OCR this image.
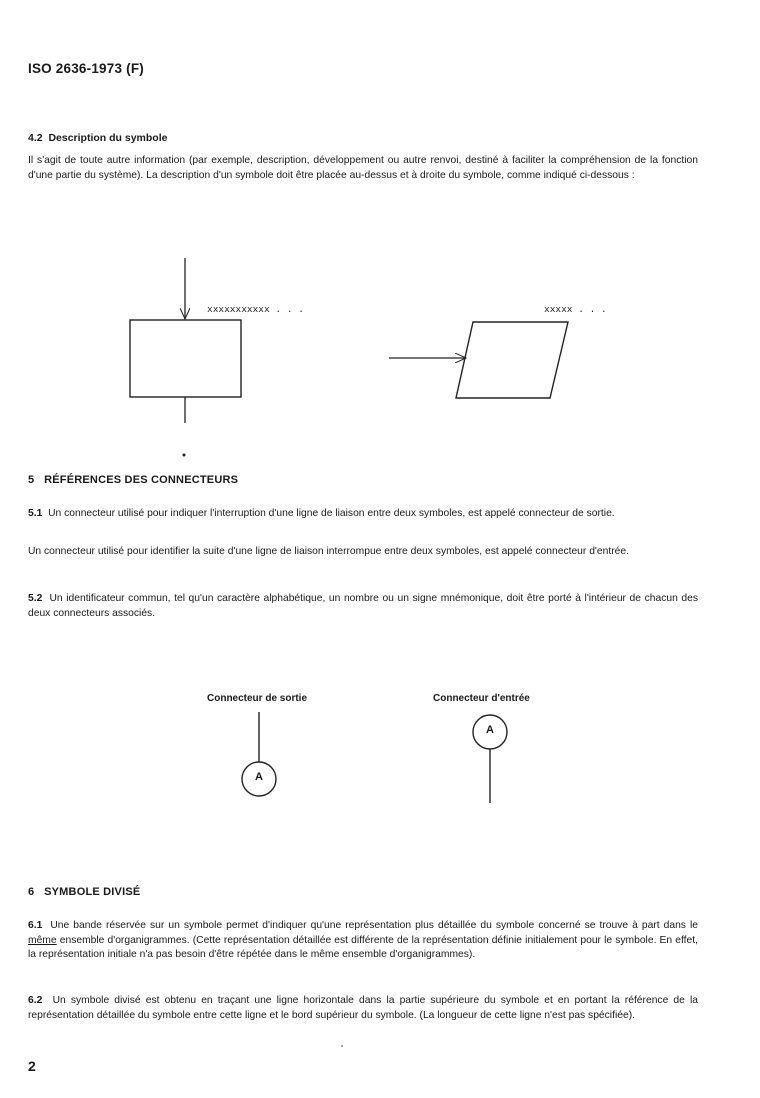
ISO 2636-1973 (F)
4.2 Description du symbole
Il s'agit de toute autre information (par exemple, description, développement ou autre renvoi, destiné à faciliter la compréhension de la fonction d'une partie du système). La description d'un symbole doit être placée au-dessus et à droite du symbole, comme indiqué ci-dessous :
xxxxxxxxxxx . . .	xxxxx . . .
5 RÉFÉRENCES DES CONNECTEURS
5.1 Un connecteur utilisé pour indiquer l'interruption d'une ligne de liaison entre deux symboles, est appelé connecteur de sortie.
Un connecteur utilisé pour identifier la suite d'une ligne de liaison interrompue entre deux symboles, est appelé connecteur d'entrée.
5.2 Un identificateur commun, tel qu'un caractère alphabétique, un nombre ou un signe mnémonique, doit être porté à l'intérieur de chacun des deux connecteurs associés.
Connecteur de sortie	Connecteur d'entrée
A
A
6 SYMBOLE DIVISÉ
6.1 Une bande réservée sur un symbole permet d'indiquer qu'une représentation plus détaillée du symbole concerné se trouve à part dans le même ensemble d'organigrammes. (Cette représentation détaillée est différente de la représentation définie initialement pour le symbole. En effet, la représentation initiale n'a pas besoin d'être répétée dans le même ensemble d'organigrammes).
6.2 Un symbole divisé est obtenu en traçant une ligne horizontale dans la partie supérieure du symbole et en portant la référence de la représentation détaillée du symbole entre cette ligne et le bord supérieur du symbole. (La longueur de cette ligne n'est pas spécifiée).
2
